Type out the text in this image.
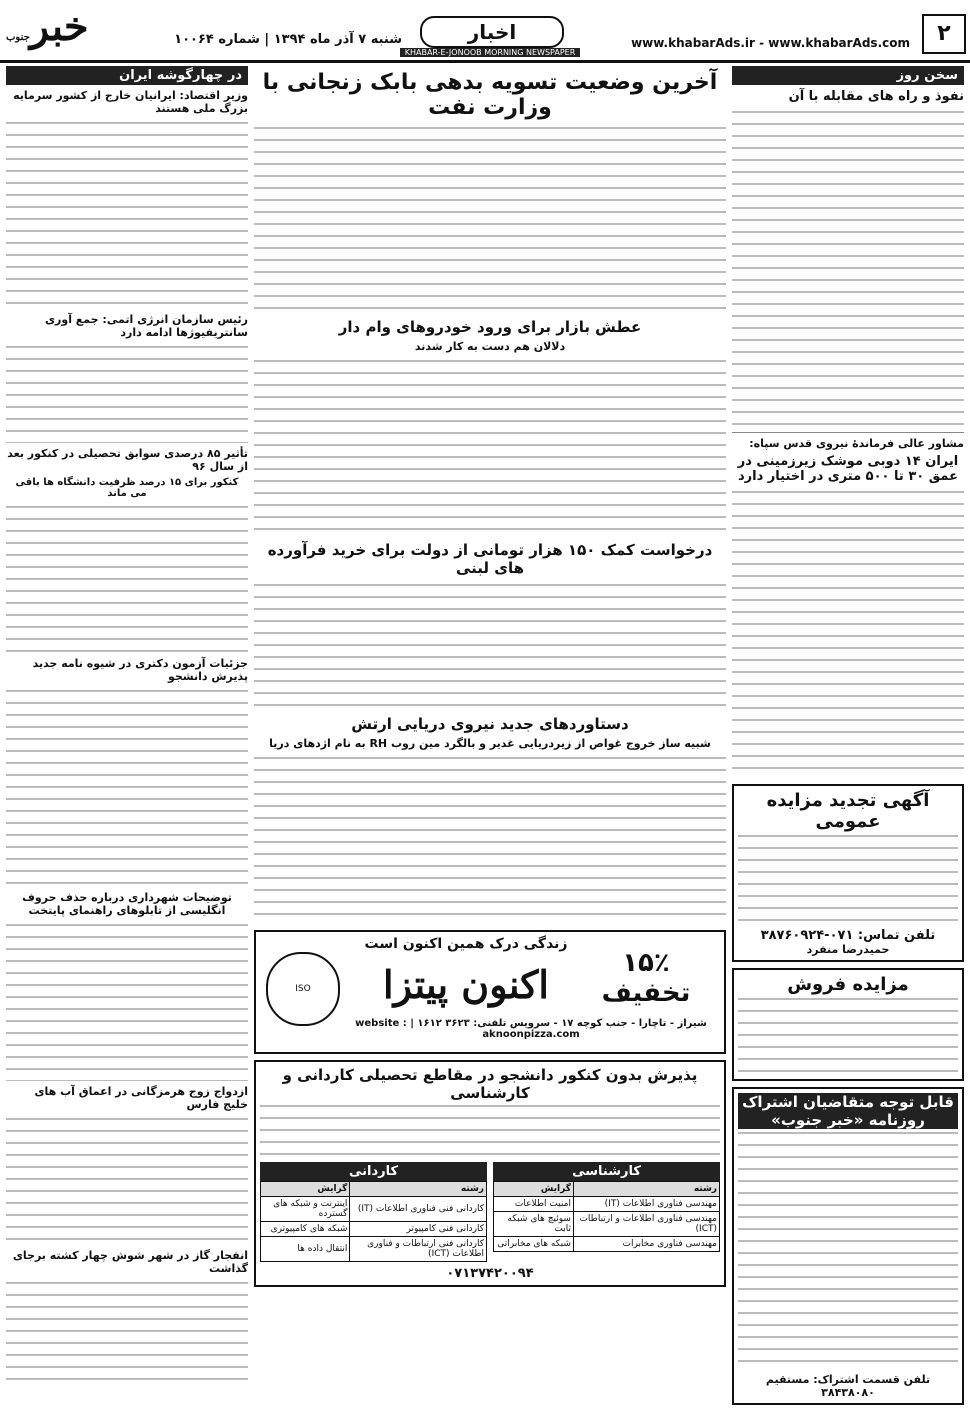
خبرجنوب	شنبه ۷ آذر ماه ۱۳۹۴ | شماره ۱۰۰۶۴	اخبار
KHABAR-E-JONOOB MORNING NEWSPAPER
www.khabarAds.ir - www.khabarAds.com	۲
سخن روز
نفوذ و راه های مقابله با آن
مشاور عالی فرماندهٔ نیروی قدس سپاه:
ایران ۱۴ دوبی موشک زیرزمینی در عمق ۳۰ تا ۵۰۰ متری در اختیار دارد
آگهی تجدید مزایده عمومی
تلفن تماس: ۰۷۱-۳۸۷۶۰۹۲۴
حمیدرضا منفرد
مزایده فروش
قابل توجه متقاضیان اشتراک روزنامه «خبر جنوب»
تلفن قسمت اشتراک: مستقیم ۳۸۴۳۸۰۸۰
در چهارگوشه ایران
وزیر اقتصاد: ایرانیان خارج از کشور سرمایه بزرگ ملی هستند
رئیس سازمان انرژی اتمی: جمع آوری سانتریفیوژها ادامه دارد
تأثیر ۸۵ درصدی سوابق تحصیلی در کنکور بعد از سال ۹۶
کنکور برای ۱۵ درصد ظرفیت دانشگاه ها باقی می ماند
جزئیات آزمون دکتری در شیوه نامه جدید پذیرش دانشجو
توضیحات شهرداری درباره حذف حروف انگلیسی از تابلوهای راهنمای پایتخت
ازدواج زوج هرمزگانی در اعماق آب های خلیج فارس
انفجار گاز در شهر شوش چهار کشته برجای گذاشت
آخرین وضعیت تسویه بدهی بابک زنجانی با وزارت نفت
عطش بازار برای ورود خودروهای وام دار
دلالان هم دست به کار شدند
درخواست کمک ۱۵۰ هزار تومانی از دولت برای خرید فرآورده های لبنی
دستاوردهای جدید نیروی دریایی ارتش
شبیه ساز خروج غواص از زیردریایی غدیر و بالگرد مین روب RH به نام اژدهای دریا
ISO
زندگی درک همین اکنون است
اکنون پیتزا	۱۵٪ تخفیف
شیراز - تاچارا - جنب کوچه ۱۷ - سرویس تلفنی: ۳۶۲۳ ۱۶۱۲ | website : aknoonpizza.com
پذیرش بدون کنکور دانشجو در مقاطع تحصیلی کاردانی و کارشناسی
کارشناسی
رشته	گرایش
مهندسی فناوری اطلاعات (IT)	امنیت اطلاعات
مهندسی فناوری اطلاعات و ارتباطات (ICT)	سوئیچ های شبکه ثابت
مهندسی فناوری مخابرات	شبکه های مخابراتی
کاردانی
رشته	گرایش
کاردانی فنی فناوری اطلاعات (IT)	اینترنت و شبکه های گسترده
کاردانی فنی کامپیوتر	شبکه های کامپیوتری
کاردانی فنی ارتباطات و فناوری اطلاعات (ICT)	انتقال داده ها
۰۷۱۳۷۴۲۰۰۹۴
